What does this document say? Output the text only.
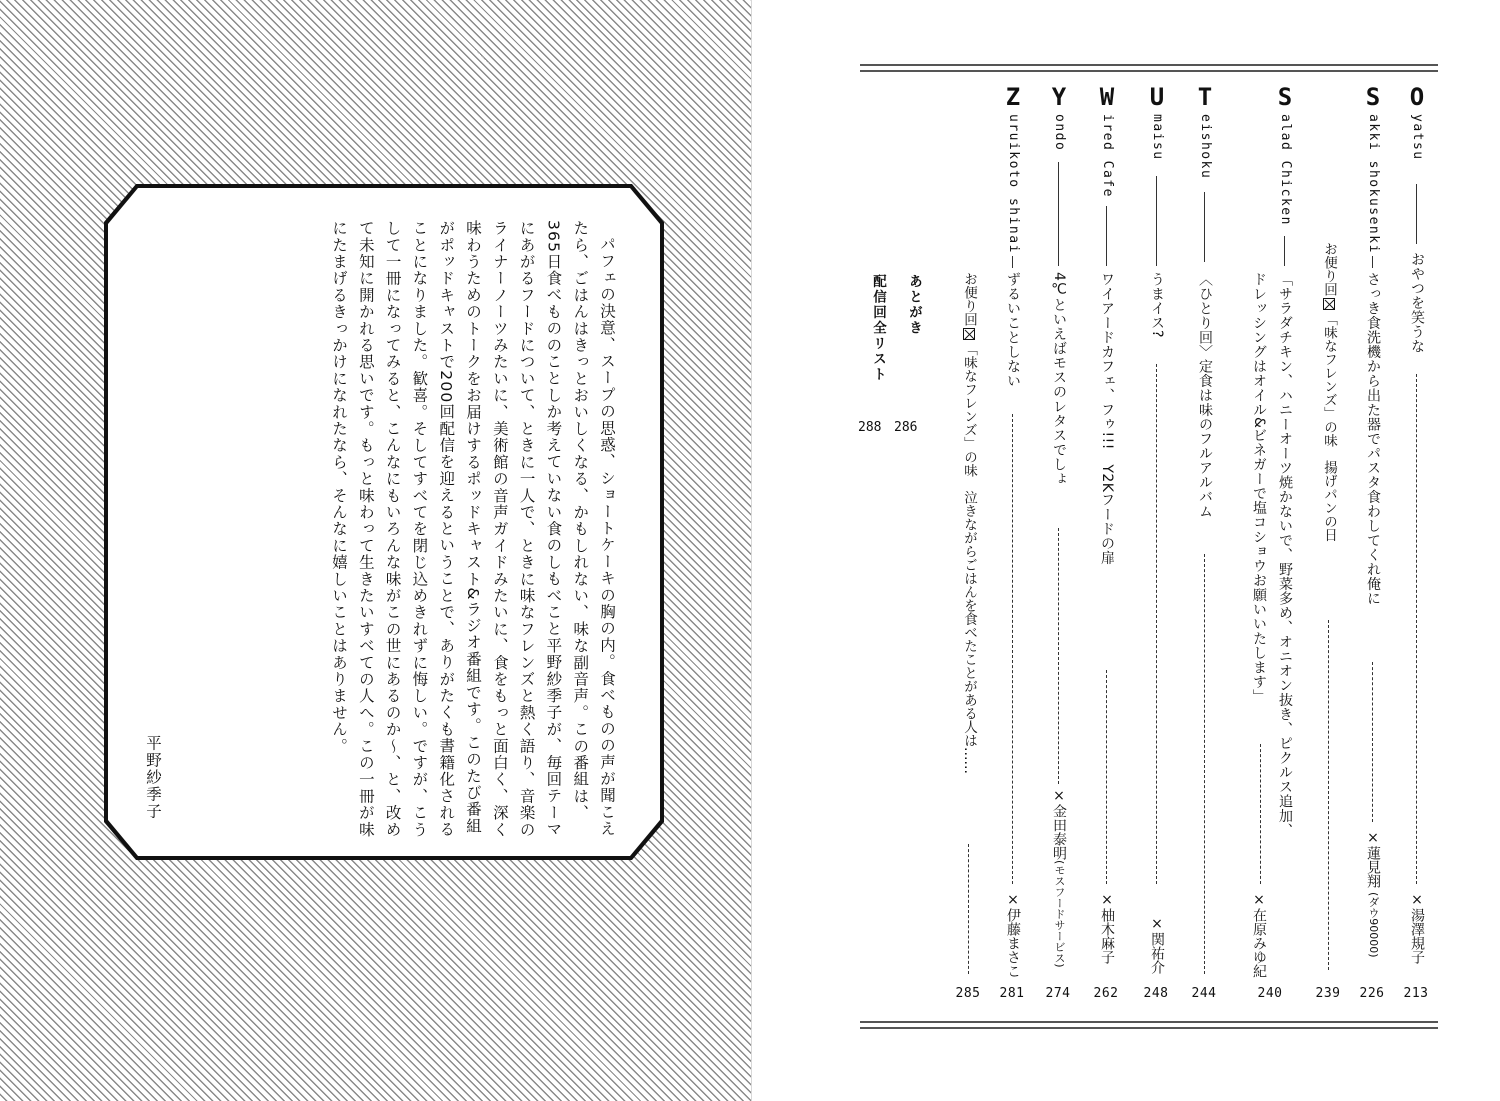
パフェの決意、スープの思惑、ショートケーキの胸の内。食べものの声が聞こえたら、ごはんはきっとおいしくなる、かもしれない、味な副音声。この番組は、365日食べもののことしか考えていない食のしもべこと平野紗季子が、毎回テーマにあがるフードについて、ときに一人で、ときに味なフレンズと熱く語り、音楽のライナーノーツみたいに、美術館の音声ガイドみたいに、食をもっと面白く、深く味わうためのトークをお届けするポッドキャスト&ラジオ番組です。このたび番組がポッドキャストで200回配信を迎えるということで、ありがたくも書籍化されることになりました。歓喜。そしてすべてを閉じ込めきれずに悔しい。ですが、こうして一冊になってみると、こんなにもいろんな味がこの世にあるのか〜、と、改めて未知に開かれる思いです。もっと味わって生きたいすべての人へ。この一冊が味にたまげるきっかけになれたなら、そんなに嬉しいことはありません。

平野紗季子
O
yatsu
おやつを笑うな
×湯澤規子
213
S
akki shokusenki
さっき食洗機から出た器でパスタ食わしてくれ俺に
×蓮見翔
(ダウ90000)
226
お便り回「味なフレンズ」の味　揚げパンの日
239
S
alad Chicken
「サラダチキン、ハニーオーツ焼かないで、野菜多め、オニオン抜き、ピクルス追加、
ドレッシングはオイル&ビネガーで塩コショウお願いいたします」
×在原みゆ紀
240
T
eishoku
〈ひとり回〉定食は味のフルアルバム
244
U
maisu
うまイス?
×関祐介
248
W
ired Cafe
ワイアードカフェ、フゥ!!!　Y2Kフードの扉
×柚木麻子
262
Y
ondo
4℃といえばモスのレタスでしょ
×金田泰明
(モスフードサービス)
274
Z
uruikoto shinai
ずるいことしない
×伊藤まさこ
281
お便り回「味なフレンズ」の味　泣きながらごはんを食べたことがある人は……
285
あとがき
286
配信回全リスト
288
